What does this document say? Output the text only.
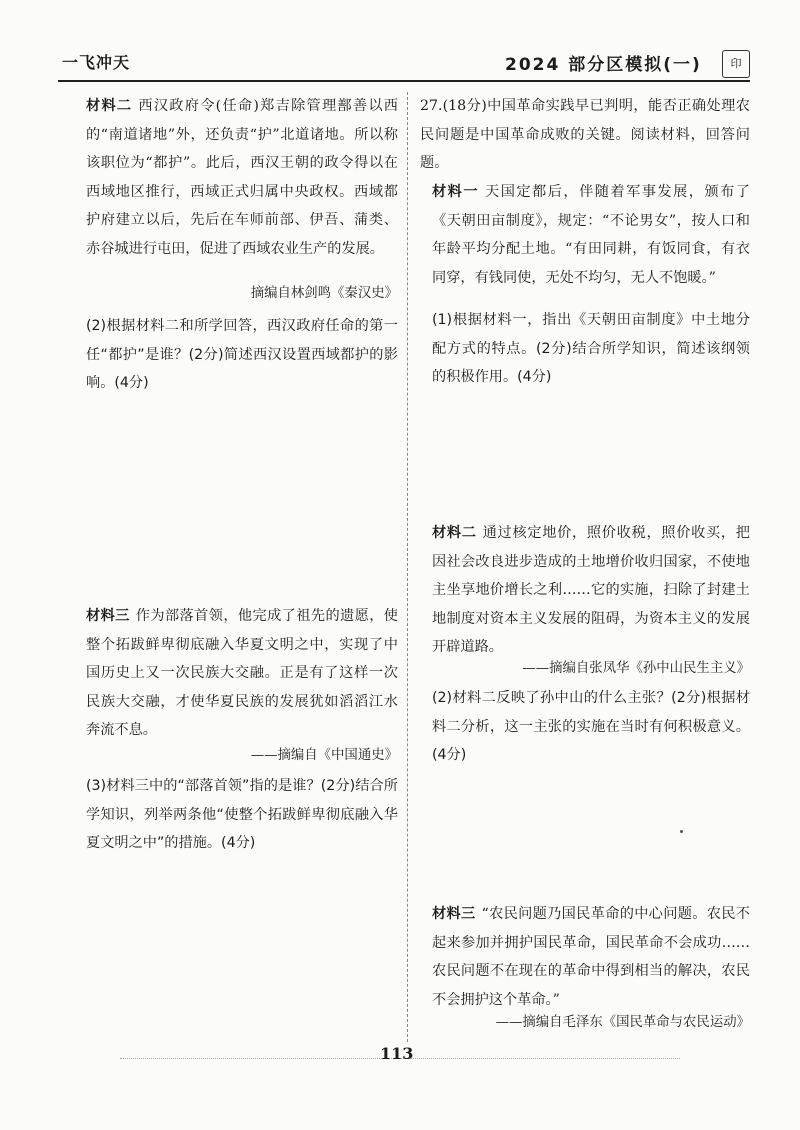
一飞冲天	2024 部分区模拟(一)	印
材料二 西汉政府令(任命)郑吉除管理鄯善以西的“南道诸地”外，还负责“护”北道诸地。所以称该职位为“都护”。此后，西汉王朝的政令得以在西域地区推行，西域正式归属中央政权。西域都护府建立以后，先后在车师前部、伊吾、蒲类、赤谷城进行屯田，促进了西域农业生产的发展。
摘编自林剑鸣《秦汉史》
(2)根据材料二和所学回答，西汉政府任命的第一任“都护”是谁？(2分)简述西汉设置西域都护的影响。(4分)
材料三 作为部落首领，他完成了祖先的遗愿，使整个拓跋鲜卑彻底融入华夏文明之中，实现了中国历史上又一次民族大交融。正是有了这样一次民族大交融，才使华夏民族的发展犹如滔滔江水奔流不息。
——摘编自《中国通史》
(3)材料三中的“部落首领”指的是谁？(2分)结合所学知识，列举两条他“使整个拓跋鲜卑彻底融入华夏文明之中”的措施。(4分)
27.(18分)中国革命实践早已判明，能否正确处理农民问题是中国革命成败的关键。阅读材料，回答问题。
材料一 天国定都后，伴随着军事发展，颁布了《天朝田亩制度》，规定：“不论男女”，按人口和年龄平均分配土地。“有田同耕，有饭同食，有衣同穿，有钱同使，无处不均匀，无人不饱暖。”
(1)根据材料一，指出《天朝田亩制度》中土地分配方式的特点。(2分)结合所学知识，简述该纲领的积极作用。(4分)
材料二 通过核定地价，照价收税，照价收买，把因社会改良进步造成的土地增价收归国家，不使地主坐享地价增长之利……它的实施，扫除了封建土地制度对资本主义发展的阻碍，为资本主义的发展开辟道路。
——摘编自张凤华《孙中山民生主义》
(2)材料二反映了孙中山的什么主张？(2分)根据材料二分析，这一主张的实施在当时有何积极意义。(4分)
材料三 “农民问题乃国民革命的中心问题。农民不起来参加并拥护国民革命，国民革命不会成功……农民问题不在现在的革命中得到相当的解决，农民不会拥护这个革命。”
——摘编自毛泽东《国民革命与农民运动》
113
